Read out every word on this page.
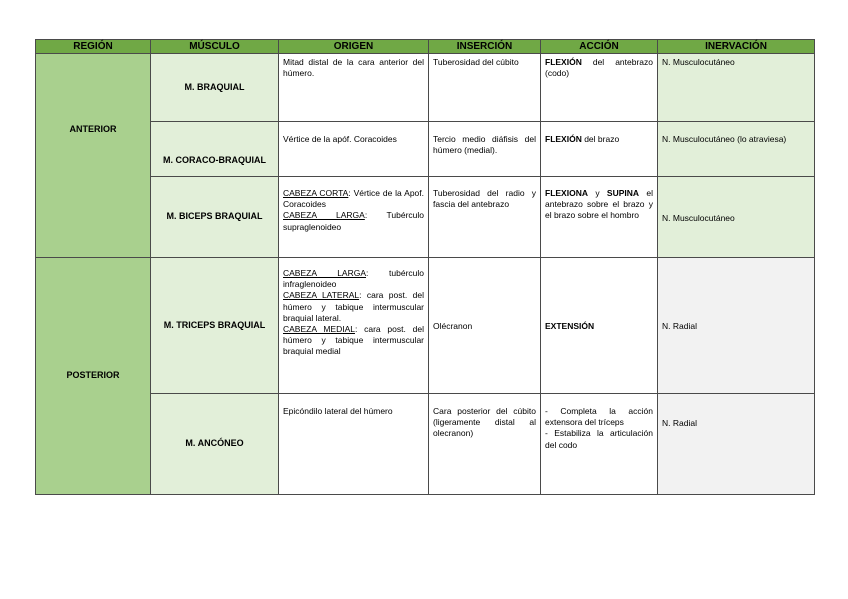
REGIÓN	MÚSCULO	ORIGEN	INSERCIÓN	ACCIÓN	INERVACIÓN
ANTERIOR	M. BRAQUIAL	Mitad distal de la cara anterior del húmero.	Tuberosidad del cúbito	FLEXIÓN del antebrazo (codo)	N. Musculocutáneo
	M. CORACO-BRAQUIAL	Vértice de la apóf. Coracoides	Tercio medio diáfisis del húmero (medial).	FLEXIÓN del brazo	N. Musculocutáneo (lo atraviesa)
	M. BICEPS BRAQUIAL	CABEZA CORTA: Vértice de la Apof. Coracoides
CABEZA LARGA: Tubérculo supraglenoideo	Tuberosidad del radio y fascia del antebrazo	FLEXIONA y SUPINA el antebrazo sobre el brazo y el brazo sobre el hombro	N. Musculocutáneo
POSTERIOR	M. TRICEPS BRAQUIAL	CABEZA LARGA: tubérculo infraglenoideo
CABEZA LATERAL: cara post. del húmero y tabique intermuscular braquial lateral.
CABEZA MEDIAL: cara post. del húmero y tabique intermuscular braquial medial	Olécranon	EXTENSIÓN	N. Radial
	M. ANCÓNEO	Epicóndilo lateral del húmero	Cara posterior del cúbito (ligeramente distal al olecranon)	- Completa la acción extensora del tríceps
- Estabiliza la articulación del codo	N. Radial
